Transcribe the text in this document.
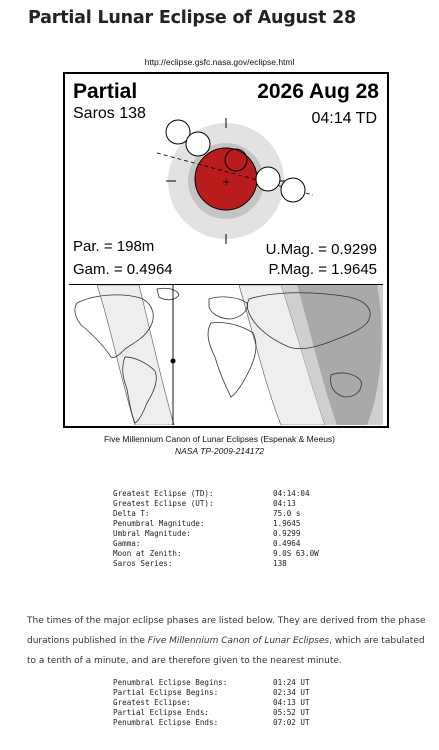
Partial Lunar Eclipse of August 28
http://eclipse.gsfc.nasa.gov/eclipse.html
Partial	2026 Aug 28
Saros 138	04:14 TD
+
Par. = 198m
Gam. = 0.4964
U.Mag. = 0.9299
P.Mag. = 1.9645
Five Millennium Canon of Lunar Eclipses (Espenak & Meeus)
NASA TP-2009-214172
Greatest Eclipse (TD):	04:14:04
Greatest Eclipse (UT):	04:13
Delta T:	75.0 s
Penumbral Magnitude:	1.9645
Umbral Magnitude:	0.9299
Gamma:	0.4964
Moon at Zenith:	9.0S 63.0W
Saros Series:	138

The times of the major eclipse phases are listed below. They are derived from the phase durations published in the Five Millennium Canon of Lunar Eclipses, which are tabulated to a tenth of a minute, and are therefore given to the nearest minute.

Penumbral Eclipse Begins:	01:24 UT
Partial Eclipse Begins:	02:34 UT
Greatest Eclipse:	04:13 UT
Partial Eclipse Ends:	05:52 UT
Penumbral Eclipse Ends:	07:02 UT
